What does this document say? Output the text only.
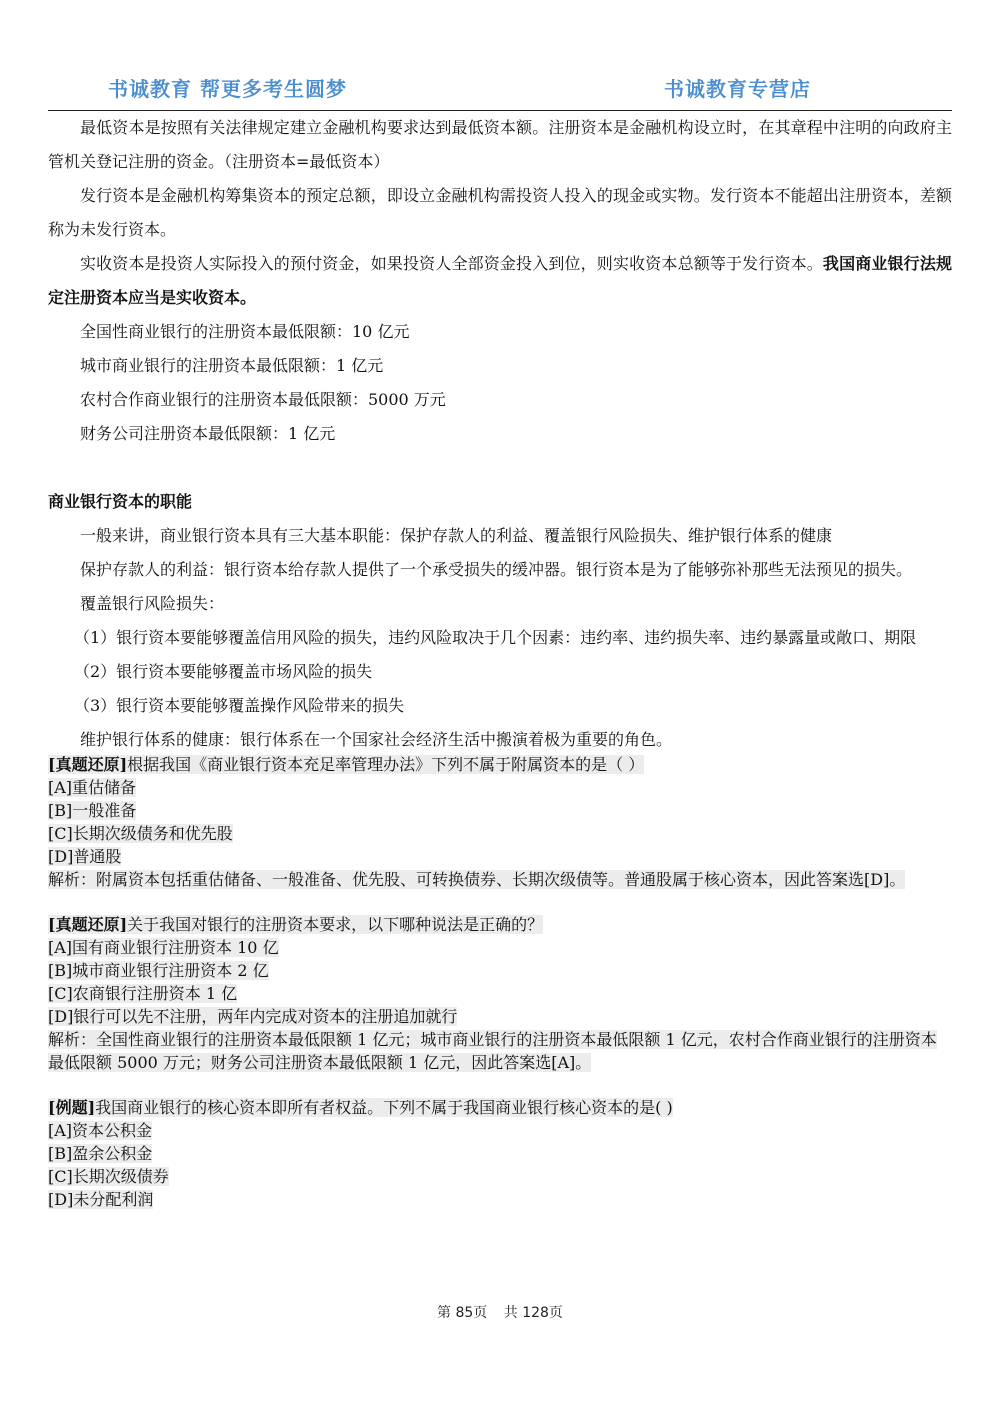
书诚教育 帮更多考生圆梦	书诚教育专营店

最低资本是按照有关法律规定建立金融机构要求达到最低资本额。注册资本是金融机构设立时，在其章程中注明的向政府主管机关登记注册的资金。（注册资本=最低资本）

发行资本是金融机构筹集资本的预定总额，即设立金融机构需投资人投入的现金或实物。发行资本不能超出注册资本，差额称为未发行资本。

实收资本是投资人实际投入的预付资金，如果投资人全部资金投入到位，则实收资本总额等于发行资本。我国商业银行法规定注册资本应当是实收资本。

全国性商业银行的注册资本最低限额：10 亿元

城市商业银行的注册资本最低限额：1 亿元

农村合作商业银行的注册资本最低限额：5000 万元

财务公司注册资本最低限额：1 亿元

商业银行资本的职能

一般来讲，商业银行资本具有三大基本职能：保护存款人的利益、覆盖银行风险损失、维护银行体系的健康

保护存款人的利益：银行资本给存款人提供了一个承受损失的缓冲器。银行资本是为了能够弥补那些无法预见的损失。

覆盖银行风险损失：

（1）银行资本要能够覆盖信用风险的损失，违约风险取决于几个因素：违约率、违约损失率、违约暴露量或敞口、期限

（2）银行资本要能够覆盖市场风险的损失

（3）银行资本要能够覆盖操作风险带来的损失

维护银行体系的健康：银行体系在一个国家社会经济生活中搬演着极为重要的角色。

[真题还原]根据我国《商业银行资本充足率管理办法》下列不属于附属资本的是（ ）

[A]重估储备

[B]一般准备

[C]长期次级债务和优先股

[D]普通股

解析：附属资本包括重估储备、一般准备、优先股、可转换债券、长期次级债等。普通股属于核心资本，因此答案选[D]。

[真题还原]关于我国对银行的注册资本要求，以下哪种说法是正确的？

[A]国有商业银行注册资本 10 亿

[B]城市商业银行注册资本 2 亿

[C]农商银行注册资本 1 亿

[D]银行可以先不注册，两年内完成对资本的注册追加就行

解析：全国性商业银行的注册资本最低限额 1 亿元；城市商业银行的注册资本最低限额 1 亿元，农村合作商业银行的注册资本最低限额 5000 万元；财务公司注册资本最低限额 1 亿元，因此答案选[A]。

[例题]我国商业银行的核心资本即所有者权益。下列不属于我国商业银行核心资本的是( )

[A]资本公积金

[B]盈余公积金

[C]长期次级债券

[D]未分配利润

第 85页 共 128页
